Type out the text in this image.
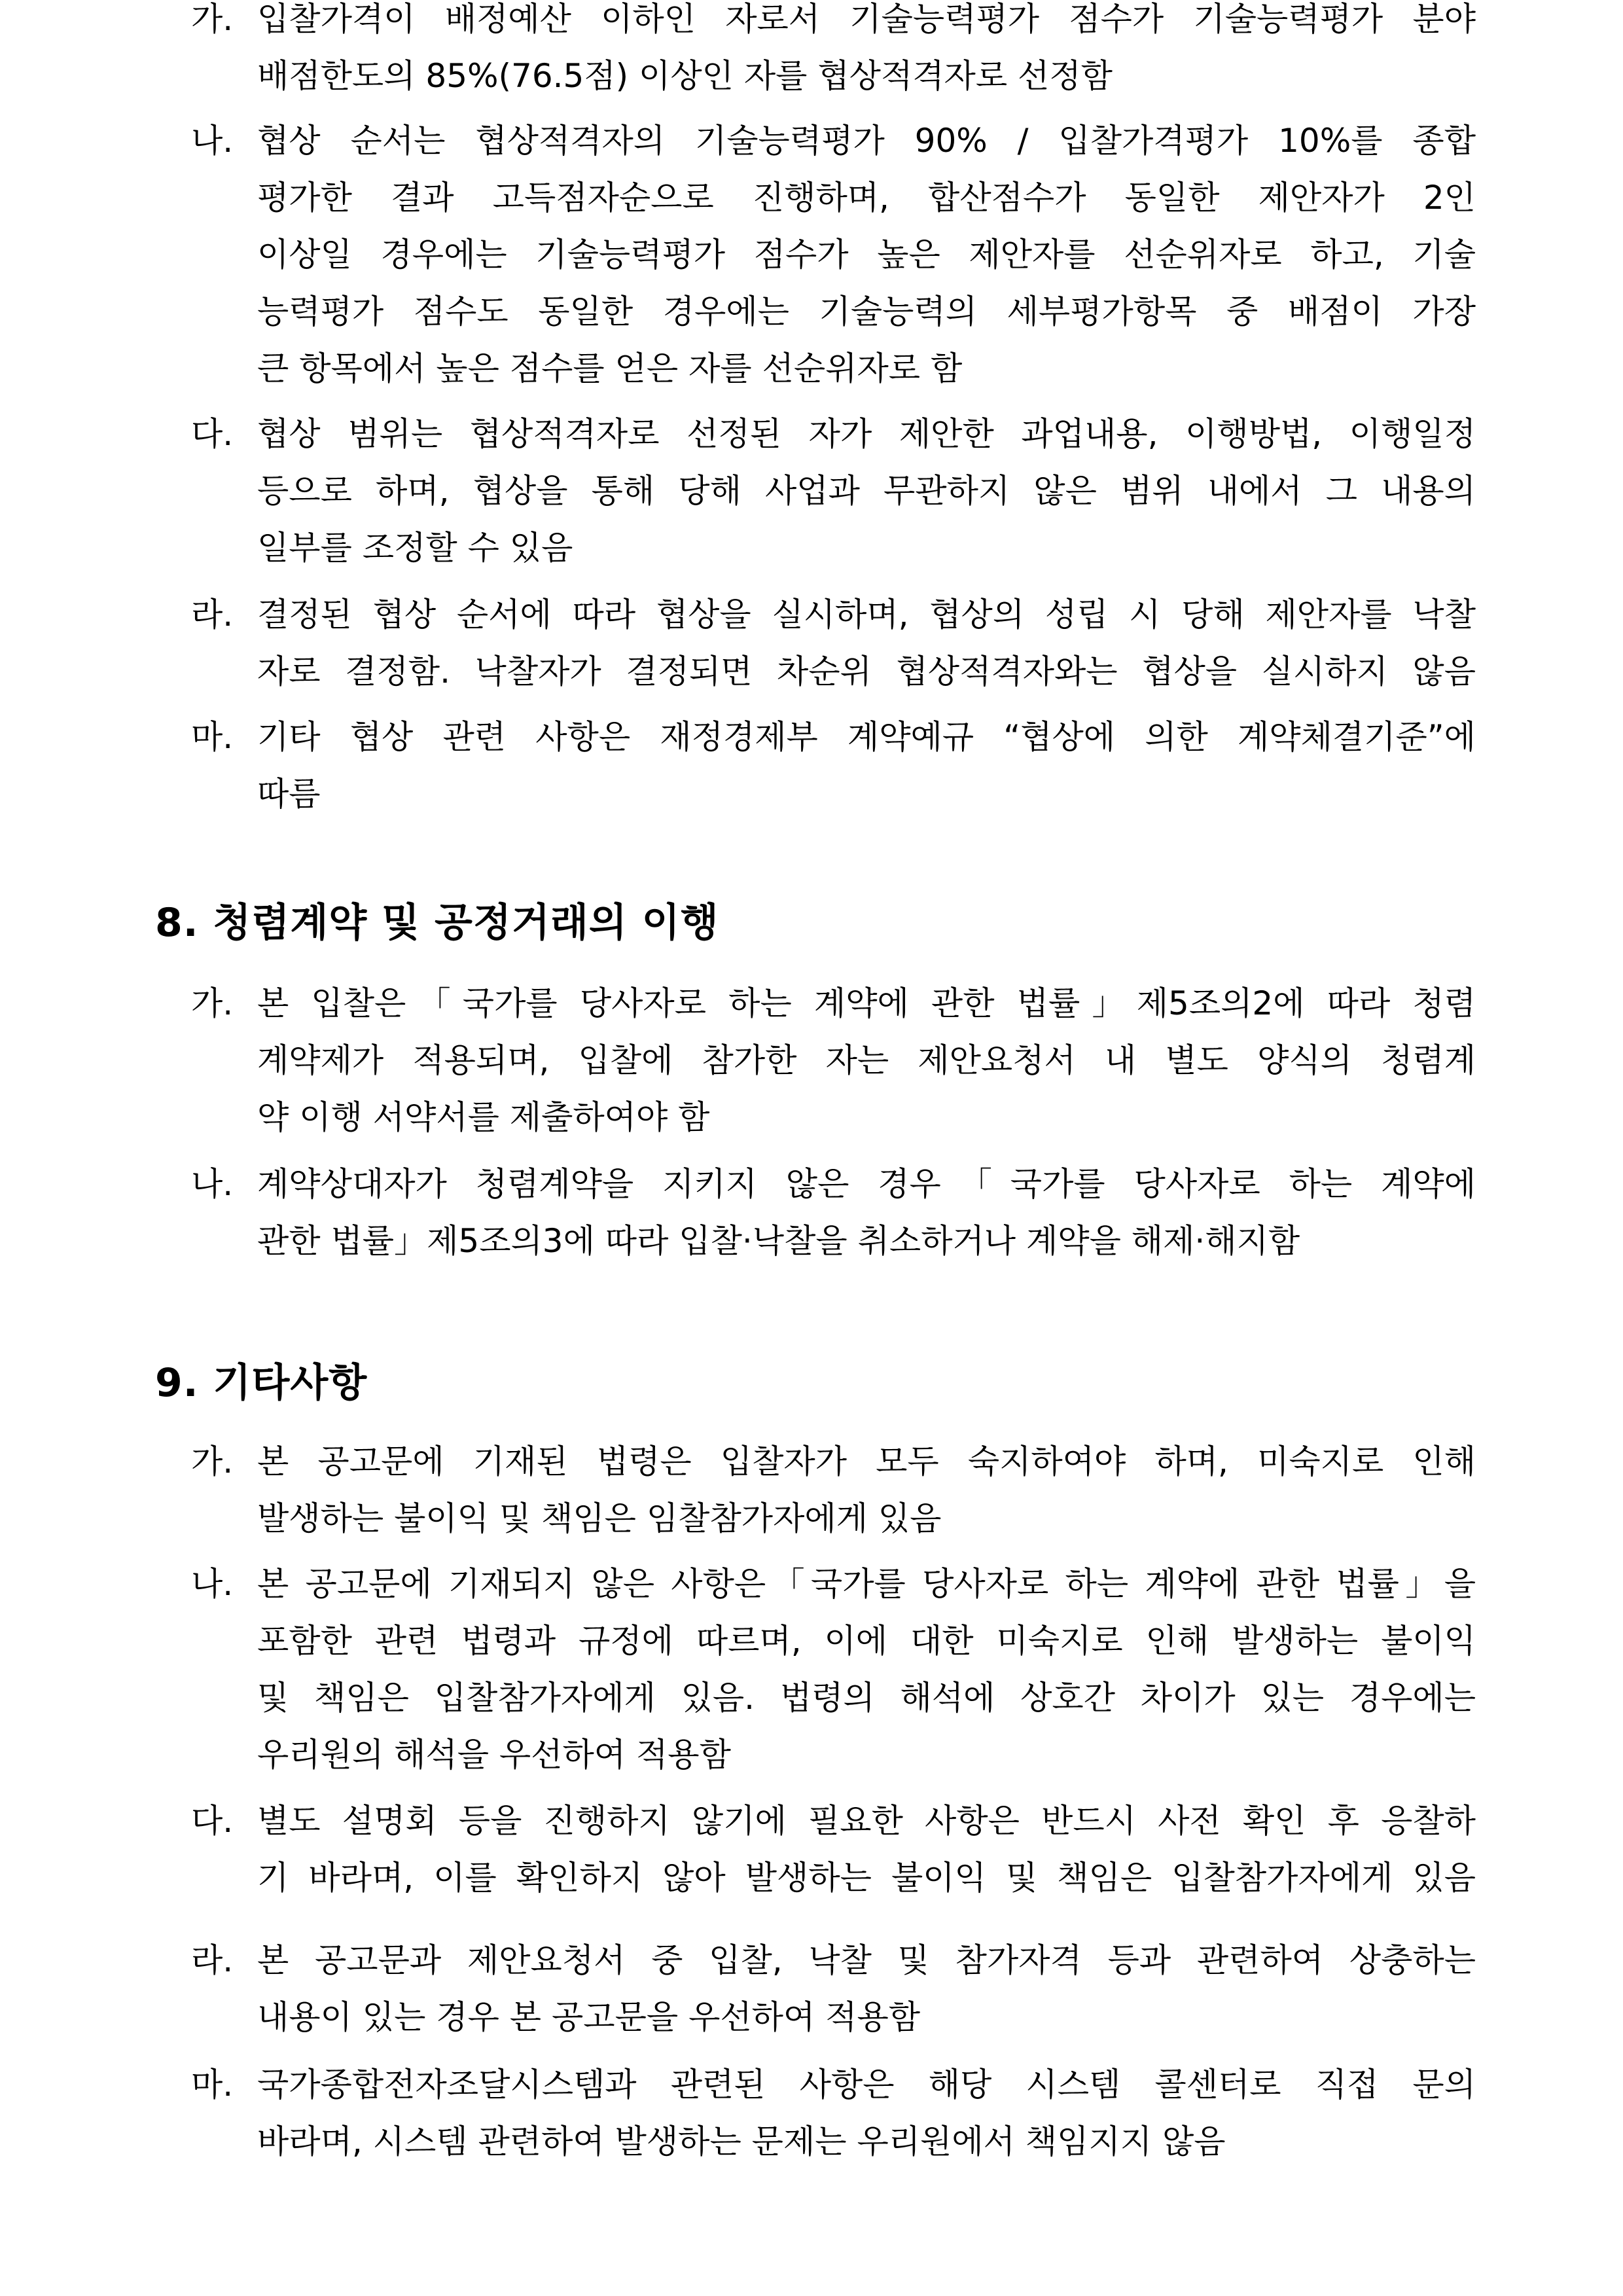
가. 입찰가격이 배정예산 이하인 자로서 기술능력평가 점수가 기술능력평가 분야
배점한도의 85%(76.5점) 이상인 자를 협상적격자로 선정함
나. 협상 순서는 협상적격자의 기술능력평가 90% / 입찰가격평가 10%를 종합
평가한 결과 고득점자순으로 진행하며, 합산점수가 동일한 제안자가 2인
이상일 경우에는 기술능력평가 점수가 높은 제안자를 선순위자로 하고, 기술
능력평가 점수도 동일한 경우에는 기술능력의 세부평가항목 중 배점이 가장
큰 항목에서 높은 점수를 얻은 자를 선순위자로 함
다. 협상 범위는 협상적격자로 선정된 자가 제안한 과업내용, 이행방법, 이행일정
등으로 하며, 협상을 통해 당해 사업과 무관하지 않은 범위 내에서 그 내용의
일부를 조정할 수 있음
라. 결정된 협상 순서에 따라 협상을 실시하며, 협상의 성립 시 당해 제안자를 낙찰
자로 결정함. 낙찰자가 결정되면 차순위 협상적격자와는 협상을 실시하지 않음
마. 기타 협상 관련 사항은 재정경제부 계약예규 “협상에 의한 계약체결기준”에
따름
8. 청렴계약 및 공정거래의 이행
가. 본 입찰은「국가를 당사자로 하는 계약에 관한 법률」제5조의2에 따라 청렴
계약제가 적용되며, 입찰에 참가한 자는 제안요청서 내 별도 양식의 청렴계
약 이행 서약서를 제출하여야 함
나. 계약상대자가 청렴계약을 지키지 않은 경우「국가를 당사자로 하는 계약에
관한 법률」제5조의3에 따라 입찰·낙찰을 취소하거나 계약을 해제·해지함
9. 기타사항
가. 본 공고문에 기재된 법령은 입찰자가 모두 숙지하여야 하며, 미숙지로 인해
발생하는 불이익 및 책임은 임찰참가자에게 있음
나. 본 공고문에 기재되지 않은 사항은「국가를 당사자로 하는 계약에 관한 법률」을
포함한 관련 법령과 규정에 따르며, 이에 대한 미숙지로 인해 발생하는 불이익
및 책임은 입찰참가자에게 있음. 법령의 해석에 상호간 차이가 있는 경우에는
우리원의 해석을 우선하여 적용함
다. 별도 설명회 등을 진행하지 않기에 필요한 사항은 반드시 사전 확인 후 응찰하
기 바라며, 이를 확인하지 않아 발생하는 불이익 및 책임은 입찰참가자에게 있음
라. 본 공고문과 제안요청서 중 입찰, 낙찰 및 참가자격 등과 관련하여 상충하는
내용이 있는 경우 본 공고문을 우선하여 적용함
마. 국가종합전자조달시스템과 관련된 사항은 해당 시스템 콜센터로 직접 문의
바라며, 시스템 관련하여 발생하는 문제는 우리원에서 책임지지 않음
